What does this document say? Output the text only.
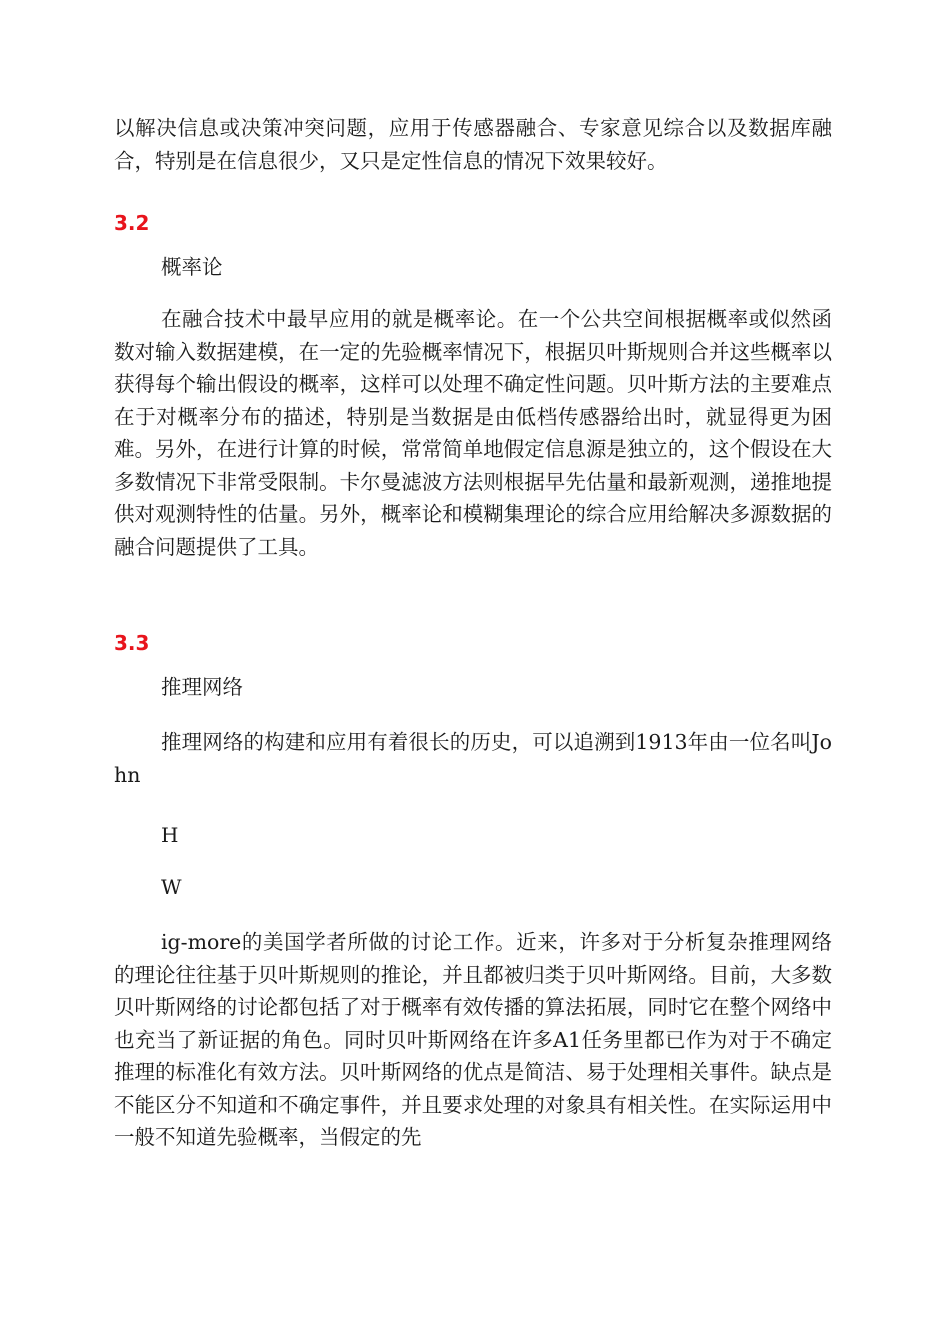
以解决信息或决策冲突问题，应用于传感器融合、专家意见综合以及数据库融合，特别是在信息很少，又只是定性信息的情况下效果较好。

3.2

概率论

在融合技术中最早应用的就是概率论。在一个公共空间根据概率或似然函数对输入数据建模，在一定的先验概率情况下，根据贝叶斯规则合并这些概率以获得每个输出假设的概率，这样可以处理不确定性问题。贝叶斯方法的主要难点在于对概率分布的描述，特别是当数据是由低档传感器给出时，就显得更为困难。另外，在进行计算的时候，常常简单地假定信息源是独立的，这个假设在大多数情况下非常受限制。卡尔曼滤波方法则根据早先估量和最新观测，递推地提供对观测特性的估量。另外，概率论和模糊集理论的综合应用给解决多源数据的融合问题提供了工具。

3.3

推理网络

推理网络的构建和应用有着很长的历史，可以追溯到1913年由一位名叫John

H

W

ig-more的美国学者所做的讨论工作。近来，许多对于分析复杂推理网络的理论往往基于贝叶斯规则的推论，并且都被归类于贝叶斯网络。目前，大多数贝叶斯网络的讨论都包括了对于概率有效传播的算法拓展，同时它在整个网络中也充当了新证据的角色。同时贝叶斯网络在许多A1任务里都已作为对于不确定推理的标准化有效方法。贝叶斯网络的优点是简洁、易于处理相关事件。缺点是不能区分不知道和不确定事件，并且要求处理的对象具有相关性。在实际运用中一般不知道先验概率，当假定的先
